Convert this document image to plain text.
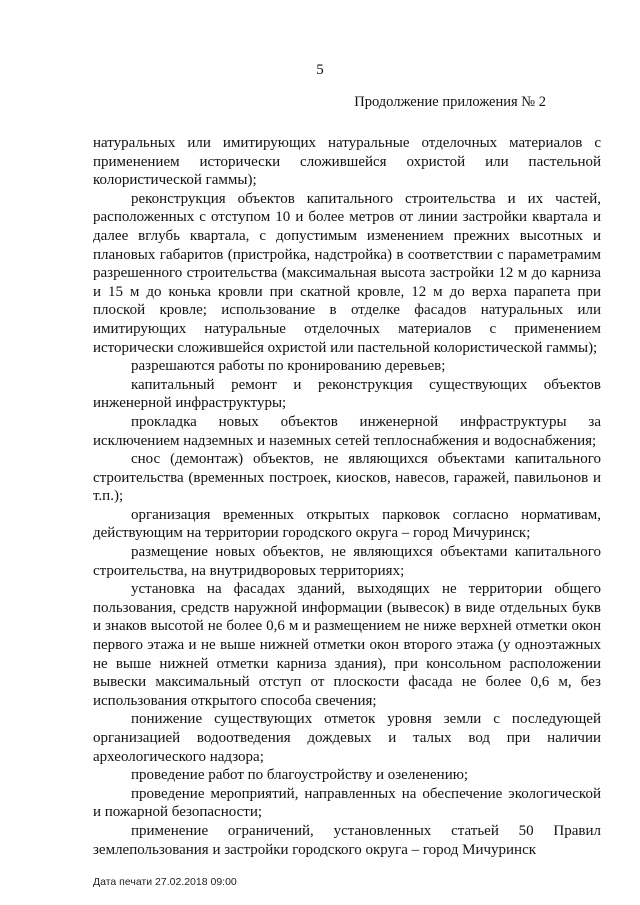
5
Продолжение приложения № 2

натуральных или имитирующих натуральные отделочных материалов с применением исторически сложившейся охристой или пастельной колористической гаммы);

реконструкция объектов капитального строительства и их частей, расположенных с отступом 10 и более метров от линии застройки квартала и далее вглубь квартала, с допустимым изменением прежних высотных и плановых габаритов (пристройка, надстройка) в соответствии с параметрамим разрешенного строительства (максимальная высота застройки 12 м до карниза и 15 м до конька кровли при скатной кровле, 12 м до верха парапета при плоской кровле; использование в отделке фасадов натуральных или имитирующих натуральные отделочных материалов с применением исторически сложившейся охристой или пастельной колористической гаммы);

разрешаются работы по кронированию деревьев;

капитальный ремонт и реконструкция существующих объектов инженерной инфраструктуры;

прокладка новых объектов инженерной инфраструктуры за исключением надземных и наземных сетей теплоснабжения и водоснабжения;

снос (демонтаж) объектов, не являющихся объектами капитального строительства (временных построек, киосков, навесов, гаражей, павильонов и т.п.);

организация временных открытых парковок согласно нормативам, действующим на территории городского округа – город Мичуринск;

размещение новых объектов, не являющихся объектами капитального строительства, на внутридворовых территориях;

установка на фасадах зданий, выходящих не территории общего пользования, средств наружной информации (вывесок) в виде отдельных букв и знаков высотой не более 0,6 м и размещением не ниже верхней отметки окон первого этажа и не выше нижней отметки окон второго этажа (у одноэтажных не выше нижней отметки карниза здания), при консольном расположении вывески максимальный отступ от плоскости фасада не более 0,6 м, без использования открытого способа свечения;

понижение существующих отметок уровня земли с последующей организацией водоотведения дождевых и талых вод при наличии археологического надзора;

проведение работ по благоустройству и озеленению;

проведение мероприятий, направленных на обеспечение экологической и пожарной безопасности;

применение ограничений, установленных статьей 50 Правил землепользования и застройки городского округа – город Мичуринск

Дата печати 27.02.2018 09:00
